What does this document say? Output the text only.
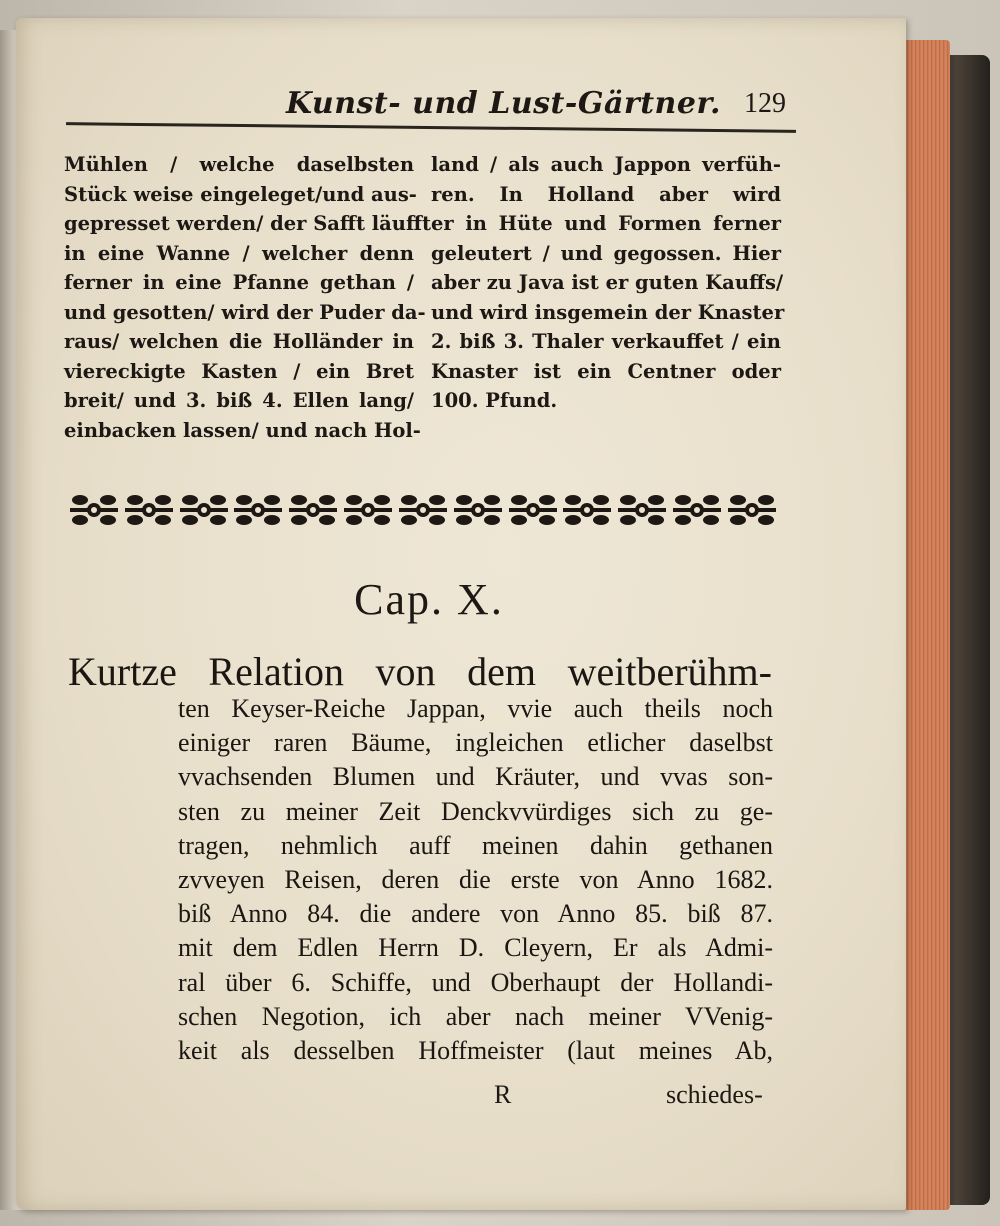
Kunst- und Lust-Gärtner. 129
Mühlen / welche daselbsten
Stück weise eingeleget/und aus-
gepresset werden/ der Safft läufft
in eine Wanne / welcher denn
ferner in eine Pfanne gethan /
und gesotten/ wird der Puder da-
raus/ welchen die Holländer in
viereckigte Kasten / ein Bret
breit/ und 3. biß 4. Ellen lang/
einbacken lassen/ und nach Hol-
land / als auch Jappon verfüh-
ren. In Holland aber wird
er in Hüte und Formen ferner
geleutert / und gegossen. Hier
aber zu Java ist er guten Kauffs/
und wird insgemein der Knaster
2. biß 3. Thaler verkauffet / ein
Knaster ist ein Centner oder
100. Pfund.
Cap. X.
Kurtze Relation von dem weitberühm-
ten Keyser-Reiche Jappan, vvie auch theils noch
einiger raren Bäume, ingleichen etlicher daselbst
vvachsenden Blumen und Kräuter, und vvas son-
sten zu meiner Zeit Denckvvürdiges sich zu ge-
tragen, nehmlich auff meinen dahin gethanen
zvveyen Reisen, deren die erste von Anno 1682.
biß Anno 84. die andere von Anno 85. biß 87.
mit dem Edlen Herrn D. Cleyern, Er als Admi-
ral über 6. Schiffe, und Oberhaupt der Hollandi-
schen Negotion, ich aber nach meiner VVenig-
keit als desselben Hoffmeister (laut meines Ab,
R	schiedes-
